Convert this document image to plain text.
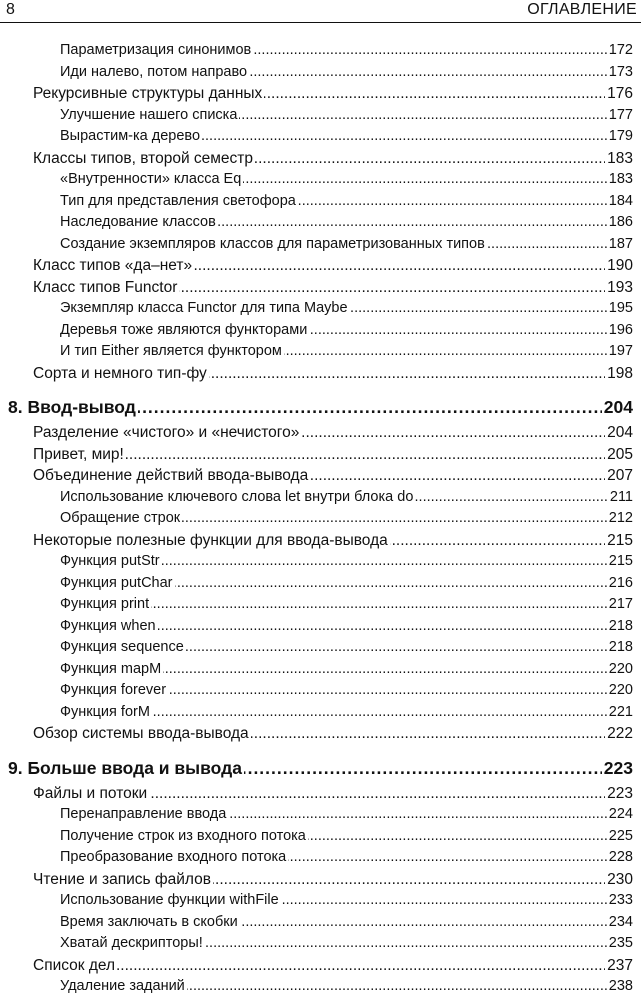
8	ОГЛАВЛЕНИЕ
Параметризация синонимов .....	172
Иди налево, потом направо .....	173
Рекурсивные структуры данных .....	176
Улучшение нашего списка .....	177
Вырастим-ка дерево .....	179
Классы типов, второй семестр .....	183
«Внутренности» класса Eq .....	183
Тип для представления светофора .....	184
Наследование классов .....	186
Создание экземпляров классов для параметризованных типов .....	187
Класс типов «да–нет» .....	190
Класс типов Functor .....	193
Экземпляр класса Functor для типа Maybe .....	195
Деревья тоже являются функторами .....	196
И тип Either является функтором .....	197
Сорта и немного тип-фу .....	198
8. Ввод-вывод .....	204
Разделение «чистого» и «нечистого» .....	204
Привет, мир! .....	205
Объединение действий ввода-вывода .....	207
Использование ключевого слова let внутри блока do .....	211
Обращение строк .....	212
Некоторые полезные функции для ввода-вывода .....	215
Функция putStr .....	215
Функция putChar .....	216
Функция print .....	217
Функция when .....	218
Функция sequence .....	218
Функция mapM .....	220
Функция forever .....	220
Функция forM .....	221
Обзор системы ввода-вывода .....	222
9. Больше ввода и вывода .....	223
Файлы и потоки .....	223
Перенаправление ввода .....	224
Получение строк из входного потока .....	225
Преобразование входного потока .....	228
Чтение и запись файлов .....	230
Использование функции withFile .....	233
Время заключать в скобки .....	234
Хватай дескрипторы! .....	235
Список дел .....	237
Удаление заданий .....	238
